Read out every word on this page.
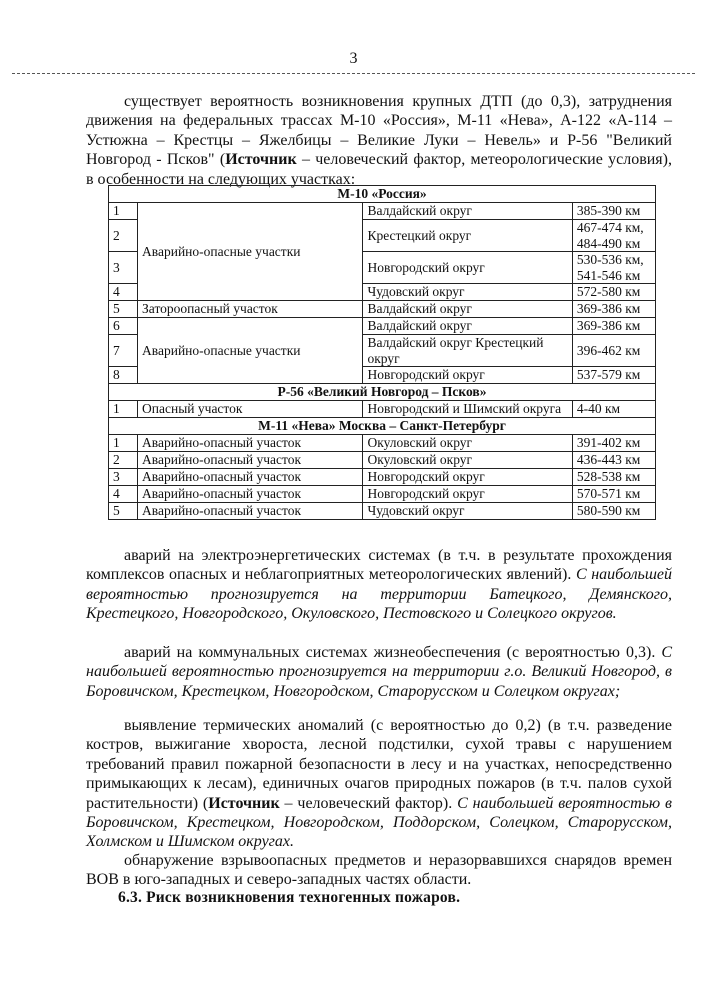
3

существует вероятность возникновения крупных ДТП (до 0,3), затруднения движения на федеральных трассах М-10 «Россия», М-11 «Нева», А-122 «А-114 – Устюжна – Крестцы – Яжелбицы – Великие Луки – Невель» и Р-56 "Великий Новгород - Псков" (Источник – человеческий фактор, метеорологические условия), в особенности на следующих участках:

М-10 «Россия»			
1	Аварийно-опасные участки	Валдайский округ	385-390 км
2		Крестецкий округ	467-474 км, 484-490 км
3		Новгородский округ	530-536 км, 541-546 км
4		Чудовский округ	572-580 км
5	Заторoопасный участок	Валдайский округ	369-386 км
6	Аварийно-опасные участки	Валдайский округ	369-386 км
7		Валдайский округ Крестецкий округ	396-462 км
8		Новгородский округ	537-579 км
Р-56 «Великий Новгород – Псков»			
1	Опасный участок	Новгородский и Шимский округа	4-40 км
М-11 «Нева» Москва – Санкт-Петербург			
1	Аварийно-опасный участок	Окуловский округ	391-402 км
2	Аварийно-опасный участок	Окуловский округ	436-443 км
3	Аварийно-опасный участок	Новгородский округ	528-538 км
4	Аварийно-опасный участок	Новгородский округ	570-571 км
5	Аварийно-опасный участок	Чудовский округ	580-590 км

аварий на электроэнергетических системах (в т.ч. в результате прохождения комплексов опасных и неблагоприятных метеорологических явлений). С наибольшей вероятностью прогнозируется на территории Батецкого, Демянского, Крестецкого, Новгородского, Окуловского, Пестовского и Солецкого округов.

аварий на коммунальных системах жизнеобеспечения (с вероятностью 0,3). С наибольшей вероятностью прогнозируется на территории г.о. Великий Новгород, в Боровичском, Крестецком, Новгородском, Старорусском и Солецком округах;

выявление термических аномалий (с вероятностью до 0,2) (в т.ч. разведение костров, выжигание хвороста, лесной подстилки, сухой травы с нарушением требований правил пожарной безопасности в лесу и на участках, непосредственно примыкающих к лесам), единичных очагов природных пожаров (в т.ч. палов сухой растительности) (Источник – человеческий фактор). С наибольшей вероятностью в Боровичском, Крестецком, Новгородском, Поддорском, Солецком, Старорусском, Холмском и Шимском округах.

обнаружение взрывоопасных предметов и неразорвавшихся снарядов времен ВОВ в юго-западных и северо-западных частях области.

6.3. Риск возникновения техногенных пожаров.
